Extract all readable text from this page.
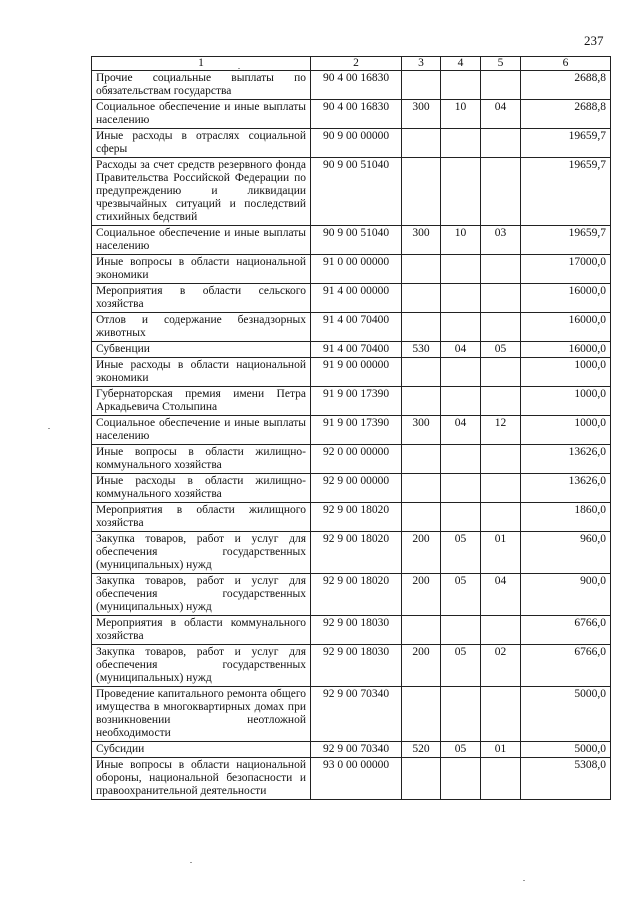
237
1	2	3	4	5	6
Прочие социальные выплаты по обязательствам государства	90 4 00 16830				2688,8
Социальное обеспечение и иные выплаты населению	90 4 00 16830	300	10	04	2688,8
Иные расходы в отраслях социальной сферы	90 9 00 00000				19659,7
Расходы за счет средств резервного фонда Правительства Российской Федерации по предупреждению и ликвидации чрезвычайных ситуаций и последствий стихийных бедствий	90 9 00 51040				19659,7
Социальное обеспечение и иные выплаты населению	90 9 00 51040	300	10	03	19659,7
Иные вопросы в области национальной экономики	91 0 00 00000				17000,0
Мероприятия в области сельского хозяйства	91 4 00 00000				16000,0
Отлов и содержание безнадзорных животных	91 4 00 70400				16000,0
Субвенции	91 4 00 70400	530	04	05	16000,0
Иные расходы в области национальной экономики	91 9 00 00000				1000,0
Губернаторская премия имени Петра Аркадьевича Столыпина	91 9 00 17390				1000,0
Социальное обеспечение и иные выплаты населению	91 9 00 17390	300	04	12	1000,0
Иные вопросы в области жилищно-коммунального хозяйства	92 0 00 00000				13626,0
Иные расходы в области жилищно-коммунального хозяйства	92 9 00 00000				13626,0
Мероприятия в области жилищного хозяйства	92 9 00 18020				1860,0
Закупка товаров, работ и услуг для обеспечения государственных (муниципальных) нужд	92 9 00 18020	200	05	01	960,0
Закупка товаров, работ и услуг для обеспечения государственных (муниципальных) нужд	92 9 00 18020	200	05	04	900,0
Мероприятия в области коммунального хозяйства	92 9 00 18030				6766,0
Закупка товаров, работ и услуг для обеспечения государственных (муниципальных) нужд	92 9 00 18030	200	05	02	6766,0
Проведение капитального ремонта общего имущества в многоквартирных домах при возникновении неотложной необходимости	92 9 00 70340				5000,0
Субсидии	92 9 00 70340	520	05	01	5000,0
Иные вопросы в области национальной обороны, национальной безопасности и правоохранительной деятельности	93 0 00 00000				5308,0
